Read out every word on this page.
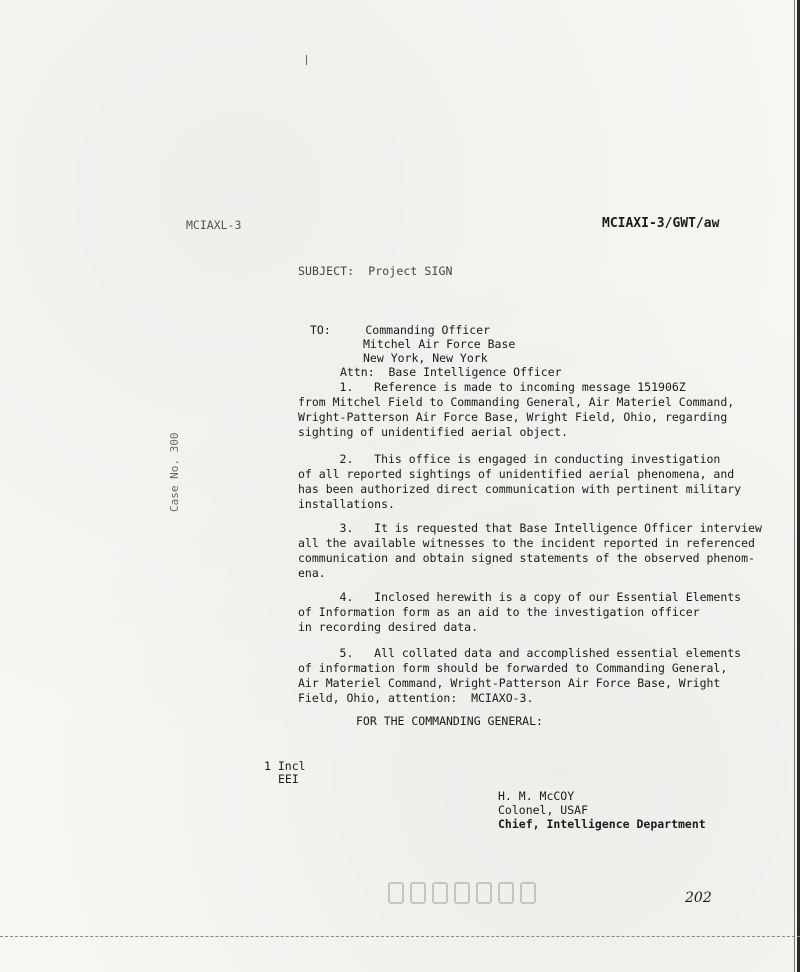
MCIAXL-3	MCIAXI-3/GWT/aw
SUBJECT:  Project SIGN
TO:     Commanding Officer
Mitchel Air Force Base
New York, New York
Attn:  Base Intelligence Officer
1.   Reference is made to incoming message 151906Z
from Mitchel Field to Commanding General, Air Materiel Command,
Wright-Patterson Air Force Base, Wright Field, Ohio, regarding
sighting of unidentified aerial object.
2.   This office is engaged in conducting investigation
of all reported sightings of unidentified aerial phenomena, and
has been authorized direct communication with pertinent military
installations.
3.   It is requested that Base Intelligence Officer interview
all the available witnesses to the incident reported in referenced
communication and obtain signed statements of the observed phenom-
ena.
4.   Inclosed herewith is a copy of our Essential Elements
of Information form as an aid to the investigation officer
in recording desired data.
5.   All collated data and accomplished essential elements
of information form should be forwarded to Commanding General,
Air Materiel Command, Wright-Patterson Air Force Base, Wright
Field, Ohio, attention:  MCIAXO-3.
Case No. 300
FOR THE COMMANDING GENERAL:
1 Incl
EEI
H. M. McCOY
Colonel, USAF
Chief, Intelligence Department
202
